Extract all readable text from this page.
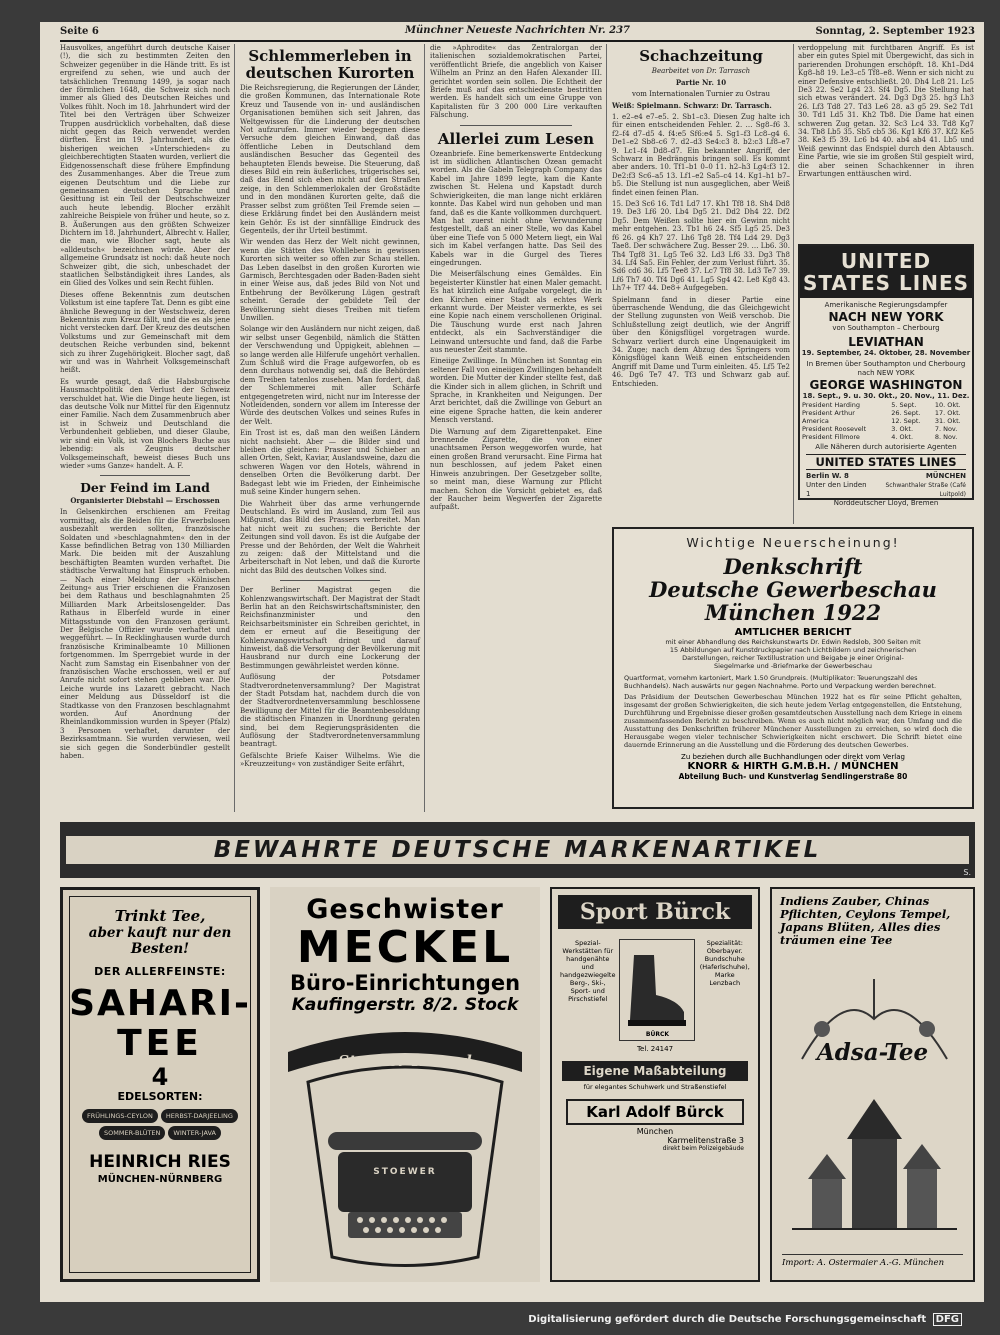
Seite 6	Münchner Neueste Nachrichten Nr. 237	Sonntag, 2. September 1923

Hausvolkes, angeführt durch deutsche Kaiser (!), die sich zu bestimmten Zeiten den Schweizer gegenüber in die Hände tritt. Es ist ergreifend zu sehen, wie und auch der tatsächlichen Trennung 1499, ja sogar nach der förmlichen 1648, die Schweiz sich noch immer als Glied des Deutschen Reiches und Volkes fühlt. Noch im 18. Jahrhundert wird der Titel bei den Verträgen über Schweizer Truppen ausdrücklich vorbehalten, daß diese nicht gegen das Reich verwendet werden dürften. Erst im 19. Jahrhundert, als die bisherigen weichen »Unterschieden« zu gleichberechtigten Staaten wurden, verliert die Eidgenossenschaft diese frühere Empfindung des Zusammenhanges. Aber die Treue zum eigenen Deutschtum und die Liebe zur gemeinsamen deutschen Sprache und Gesittung ist ein Teil der Deutschschweizer auch heute lebendig. Blocher erzählt zahlreiche Beispiele von früher und heute, so z. B. Äußerungen aus den größten Schweizer Dichtern im 18. Jahrhundert, Albrecht v. Haller, die man, wie Blocher sagt, heute als »alldeutsch« bezeichnen würde. Aber der allgemeine Grundsatz ist noch: daß heute noch Schweizer gibt, die sich, unbeschadet der staatlichen Selbständigkeit ihres Landes, als ein Glied des Volkes und sein Recht fühlen.

Dieses offene Bekenntnis zum deutschen Volkstum ist eine tapfere Tat. Denn es gibt eine ähnliche Bewegung in der Westschweiz, deren Bekenntnis zum Kreuz fällt, und die es als jene nicht verstecken darf. Der Kreuz des deutschen Volkstums und zur Gemeinschaft mit dem deutschen Reiche verbunden sind, bekennt sich zu ihrer Zugehörigkeit. Blocher sagt, daß wir und was in Wahrheit Volksgemeinschaft heißt.

Es wurde gesagt, daß die Habsburgische Hausmachtpolitik den Verlust der Schweiz verschuldet hat. Wie die Dinge heute liegen, ist das deutsche Volk nur Mittel für den Eigennutz einer Familie. Nach dem Zusammenbruch aber ist in Schweiz und Deutschland die Verbundenheit geblieben, und dieser Glaube, wir sind ein Volk, ist von Blochers Buche aus lebendig: als Zeugnis deutscher Volksgemeinschaft, beweist dieses Buch uns wieder »ums Ganze« handelt. A. F.

Der Feind im Land
Organisierter Diebstahl — Erschossen

In Gelsenkirchen erschienen am Freitag vormittag, als die Beiden für die Erwerbslosen ausbezahlt werden sollten, französische Soldaten und »beschlagnahmten« den in der Kasse befindlichen Betrag von 130 Milliarden Mark. Die beiden mit der Auszahlung beschäftigten Beamten wurden verhaftet. Die städtische Verwaltung hat Einspruch erhoben. — Nach einer Meldung der »Kölnischen Zeitung« aus Trier erschienen die Franzosen bei dem Rathaus und beschlagnahmten 25 Milliarden Mark Arbeitslosengelder. Das Rathaus in Elberfeld wurde in einer Mittagsstunde von den Franzosen geräumt. Der Belgische Offizier wurde verhaftet und weggeführt. — In Recklinghausen wurde durch französische Kriminalbeamte 10 Millionen fortgenommen. Im Sperrgebiet wurde in der Nacht zum Samstag ein Eisenbahner von der französischen Wache erschossen, weil er auf Anrufe nicht sofort stehen geblieben war. Die Leiche wurde ins Lazarett gebracht. Nach einer Meldung aus Düsseldorf ist die Stadtkasse von den Franzosen beschlagnahmt worden. Auf Anordnung der Rheinlandkommission wurden in Speyer (Pfalz) 3 Personen verhaftet, darunter der Bezirksamtmann. Sie wurden verwiesen, weil sie sich gegen die Sonderbündler gestellt haben.

Schlemmerleben in deutschen Kurorten

Die Reichsregierung, die Regierungen der Länder, die großen Kommunen, das Internationale Rote Kreuz und Tausende von in- und ausländischen Organisationen bemühen sich seit Jahren, das Weltgewissen für die Linderung der deutschen Not aufzurufen. Immer wieder begegnen diese Versuche dem gleichen Einwand, daß das öffentliche Leben in Deutschland dem ausländischen Besucher das Gegenteil des behaupteten Elends beweise. Die Steuerung, daß dieses Bild ein rein äußerliches, trügerisches sei, daß das Elend sich eben nicht auf den Straßen zeige, in den Schlemmerlokalen der Großstädte und in den mondänen Kurorten gelte, daß die Prasser selbst zum größten Teil Fremde seien — diese Erklärung findet bei den Ausländern meist kein Gehör. Es ist der sinnfällige Eindruck des Gegenteils, der ihr Urteil bestimmt.

Wir wenden das Herz der Welt nicht gewinnen, wenn die Stätten des Wohllebens in gewissen Kurorten sich weiter so offen zur Schau stellen. Das Leben daselbst in den großen Kurorten wie Garmisch, Berchtesgaden oder Baden-Baden sieht in einer Weise aus, daß jedes Bild von Not und Entbehrung der Bevölkerung Lügen gestraft scheint. Gerade der gebildete Teil der Bevölkerung sieht dieses Treiben mit tiefem Unwillen.

Solange wir den Ausländern nur nicht zeigen, daß wir selbst unser Gegenbild, nämlich die Stätten der Verschwendung und Üppigkeit, ablehnen — so lange werden alle Hilferufe ungehört verhallen. Zum Schluß wird die Frage aufgeworfen, ob es denn durchaus notwendig sei, daß die Behörden dem Treiben tatenlos zusehen. Man fordert, daß der Schlemmerei mit aller Schärfe entgegengetreten wird, nicht nur im Interesse der Notleidenden, sondern vor allem im Interesse der Würde des deutschen Volkes und seines Rufes in der Welt.

Ein Trost ist es, daß man den weißen Ländern nicht nachsieht. Aber — die Bilder sind und bleiben die gleichen: Prasser und Schieber an allen Orten, Sekt, Kaviar, Auslandsweine, dazu die schweren Wagen vor den Hotels, während in denselben Orten die Bevölkerung darbt. Der Badegast lebt wie im Frieden, der Einheimische muß seine Kinder hungern sehen.

Die Wahrheit über das arme verhungernde Deutschland. Es wird im Ausland, zum Teil aus Mißgunst, das Bild des Prassers verbreitet. Man hat nicht weit zu suchen; die Berichte der Zeitungen sind voll davon. Es ist die Aufgabe der Presse und der Behörden, der Welt die Wahrheit zu zeigen: daß der Mittelstand und die Arbeiterschaft in Not leben, und daß die Kurorte nicht das Bild des deutschen Volkes sind.

Der Berliner Magistrat gegen die Kohlenzwangswirtschaft. Der Magistrat der Stadt Berlin hat an den Reichswirtschaftsminister, den Reichsfinanzminister und den Reichsarbeitsminister ein Schreiben gerichtet, in dem er erneut auf die Beseitigung der Kohlenzwangswirtschaft dringt und darauf hinweist, daß die Versorgung der Bevölkerung mit Hausbrand nur durch eine Lockerung der Bestimmungen gewährleistet werden könne.

Auflösung der Potsdamer Stadtverordnetenversammlung? Der Magistrat der Stadt Potsdam hat, nachdem durch die von der Stadtverordnetenversammlung beschlossene Bewilligung der Mittel für die Beamtenbesoldung die städtischen Finanzen in Unordnung geraten sind, bei dem Regierungspräsidenten die Auflösung der Stadtverordnetenversammlung beantragt.

Gefälschte Briefe Kaiser Wilhelms. Wie die »Kreuzzeitung« von zuständiger Seite erfährt,

die »Aphrodite« das Zentralorgan der italienischen sozialdemokratischen Partei, veröffentlicht Briefe, die angeblich von Kaiser Wilhelm an Prinz an den Hafen Alexander III. gerichtet worden sein sollen. Die Echtheit der Briefe muß auf das entschiedenste bestritten werden. Es handelt sich um eine Gruppe von Kapitalisten für 3 200 000 Lire verkauften Fälschung.

Allerlei zum Lesen

Ozeanbriefe. Eine bemerkenswerte Entdeckung ist im südlichen Atlantischen Ozean gemacht worden. Als die Gabeln Telegraph Company das Kabel im Jahre 1899 legte, kam die Kante zwischen St. Helena und Kapstadt durch Schwierigkeiten, die man lange nicht erklären konnte. Das Kabel wird nun gehoben und man fand, daß es die Kante vollkommen durchquert. Man hat zuerst nicht ohne Verwunderung festgestellt, daß an einer Stelle, wo das Kabel über eine Tiefe von 5 000 Metern liegt, ein Wal sich im Kabel verfangen hatte. Das Seil des Kabels war in die Gurgel des Tieres eingedrungen.

Die Meiserfälschung eines Gemäldes. Ein begeisterter Künstler hat einen Maler gemacht. Es hat kürzlich eine Aufgabe vorgelegt, die in den Kirchen einer Stadt als echtes Werk erkannt wurde. Der Meister vermerkte, es sei eine Kopie nach einem verschollenen Original. Die Täuschung wurde erst nach Jahren entdeckt, als ein Sachverständiger die Leinwand untersuchte und fand, daß die Farbe aus neuester Zeit stammte.

Eineiige Zwillinge. In München ist Sonntag ein seltener Fall von eineiigen Zwillingen behandelt worden. Die Mutter der Kinder stellte fest, daß die Kinder sich in allem glichen, in Schrift und Sprache, in Krankheiten und Neigungen. Der Arzt berichtet, daß die Zwillinge von Geburt an eine eigene Sprache hatten, die kein anderer Mensch verstand.

Die Warnung auf dem Zigarettenpaket. Eine brennende Zigarette, die von einer unachtsamen Person weggeworfen wurde, hat einen großen Brand verursacht. Eine Firma hat nun beschlossen, auf jedem Paket einen Hinweis anzubringen. Der Gesetzgeber sollte, so meint man, diese Warnung zur Pflicht machen. Schon die Vorsicht gebietet es, daß der Raucher beim Wegwerfen der Zigarette aufpaßt.

Schachzeitung
Bearbeitet von Dr. Tarrasch
Partie Nr. 10
vom Internationalen Turnier zu Ostrau
Weiß: Spielmann. Schwarz: Dr. Tarrasch.

1. e2–e4 e7–e5. 2. Sb1–c3. Diesen Zug halte ich für einen entscheidenden Fehler. 2. … Sg8–f6 3. f2–f4 d7–d5 4. f4:e5 Sf6:e4 5. Sg1–f3 Lc8–g4 6. De1–e2 Sb8–c6 7. d2–d3 Se4:c3 8. b2:c3 Lf8–e7 9. Lc1–f4 Dd8–d7. Ein bekannter Angriff, der Schwarz in Bedrängnis bringen soll. Es kommt aber anders. 10. Tf1–b1 0–0 11. h2–h3 Lg4:f3 12. De2:f3 Sc6–a5 13. Lf1–e2 Sa5–c4 14. Kg1–h1 b7–b5. Die Stellung ist nun ausgeglichen, aber Weiß findet einen feinen Plan.

15. De3 Sc6 16. Td1 Ld7 17. Kh1 Tf8 18. Sh4 Dd8 19. De3 Lf6 20. Lb4 Dg5 21. Dd2 Dh4 22. Df2 Dg5. Dem Weißen sollte hier ein Gewinn nicht mehr entgehen. 23. Tb1 h6 24. Sf5 Lg5 25. De3 f6 26. g4 Kh7 27. Lh6 Tg8 28. Tf4 Ld4 29. Dg3 Tae8. Der schwächere Zug. Besser 29. … Lb6. 30. Th4 Tgf8 31. Lg5 Te6 32. Ld3 Lf6 33. Dg3 Th8 34. Lf4 Sa5. Ein Fehler, der zum Verlust führt. 35. Sd6 cd6 36. Lf5 Tee8 37. Lc7 Tf8 38. Ld3 Te7 39. Lf6 Th7 40. Tf4 Dg6 41. Lg5 Sg4 42. Le8 Kg8 43. Lh7+ Tf7 44. De8+ Aufgegeben.

Spielmann fand in dieser Partie eine überraschende Wendung, die das Gleichgewicht der Stellung zugunsten von Weiß verschob. Die Schlußstellung zeigt deutlich, wie der Angriff über den Königsflügel vorgetragen wurde. Schwarz verliert durch eine Ungenauigkeit im 34. Zuge; nach dem Abzug des Springers vom Königsflügel kann Weiß einen entscheidenden Angriff mit Dame und Turm einleiten. 45. Lf5 Te2 46. Dg6 Te7 47. Tf3 und Schwarz gab auf. Entschieden.

verdoppelung mit furchtbaren Angriff. Es ist aber ein gutes Spiel mit Übergewicht, das sich in parierenden Drohungen erschöpft. 18. Kh1–Dd4 Kg8–h8 19. Le3–c5 Tf8–e8. Wenn er sich nicht zu einer Defensive entschließt. 20. Dh4 Lc8 21. Lc5 De3 22. Se2 Lg4 23. Sf4 Dg5. Die Stellung hat sich etwas verändert. 24. Dg3 Dg3 25. hg3 Lh3 26. Lf3 Td8 27. Td3 Le6 28. a3 g5 29. Se2 Td1 30. Td1 Ld5 31. Kh2 Tb8. Die Dame hat einen schweren Zug getan. 32. Sc3 Lc4 33. Td8 Kg7 34. Tb8 Lb5 35. Sb5 cb5 36. Kg1 Kf6 37. Kf2 Ke5 38. Ke3 f5 39. Lc6 b4 40. ab4 ab4 41. Lb5 und Weiß gewinnt das Endspiel durch den Abtausch. Eine Partie, wie sie im großen Stil gespielt wird, die aber seinen Schachkenner in ihren Erwartungen enttäuschen wird.

UNITED STATES LINES
Amerikanische Regierungsdampfer
NACH NEW YORK
von Southampton – Cherbourg
LEVIATHAN
19. September, 24. Oktober, 28. November
In Bremen über Southampton und Cherbourg nach NEW YORK
GEORGE WASHINGTON
18. Sept., 9. u. 30. Okt., 20. Nov., 11. Dez.
President Harding	5. Sept.	10. Okt.
President Arthur	26. Sept.	17. Okt.
America	12. Sept.	31. Okt.
President Roosevelt	3. Okt.	7. Nov.
President Fillmore	4. Okt.	8. Nov.
Alle Näheren durch autorisierte Agenten
UNITED STATES LINES
Berlin W. 8
Unter den Linden 1
MÜNCHEN
Schwanthaler Straße (Café Luitpold)
Norddeutscher Lloyd, Bremen
Wichtige Neuerscheinung!
Denkschrift
Deutsche Gewerbeschau
München 1922
AMTLICHER BERICHT
mit einer Abhandlung des Reichskunstwarts Dr. Edwin Redslob, 300 Seiten mit 15 Abbildungen auf Kunstdruckpapier nach Lichtbildern und zeichnerischen Darstellungen, reicher Textillustration und Beigabe je einer Original-Siegelmarke und -Briefmarke der Gewerbeschau
Quartformat, vornehm kartoniert, Mark 1.50 Grundpreis. (Multiplikator: Teuerungszahl des Buchhandels). Nach auswärts nur gegen Nachnahme. Porto und Verpackung werden berechnet.
Das Präsidium der Deutschen Gewerbeschau München 1922 hat es für seine Pflicht gehalten, insgesamt der großen Schwierigkeiten, die sich heute jedem Verlag entgegenstellen, die Entstehung, Durchführung und Ergebnisse dieser großen gesamtdeutschen Ausstellung nach dem Kriege in einem zusammenfassenden Bericht zu beschreiben. Wenn es auch nicht möglich war, den Umfang und die Ausstattung des Denkschriften früherer Münchener Ausstellungen zu erreichen, so wird doch die Herausgabe wegen vieler technischer Schwierigkeiten nicht erschwert. Die Schrift bietet eine dauernde Erinnerung an die Ausstellung und die Förderung des deutschen Gewerbes.
Zu beziehen durch alle Buchhandlungen oder direkt vom Verlag
KNORR & HIRTH G.M.B.H. / MÜNCHEN
Abteilung Buch- und Kunstverlag Sendlingerstraße 80
BEWAHRTE DEUTSCHE MARKENARTIKEL
S.
Trinkt Tee,
aber kauft nur den Besten!
DER ALLERFEINSTE:
SAHARI-
TEE
4
EDELSORTEN:
FRÜHLINGS-CEYLON	HERBST-DARJEELING
SOMMER-BLÜTEN	WINTER-JAVA
HEINRICH RIES
MÜNCHEN-NÜRNBERG
Geschwister
MECKEL
Büro-Einrichtungen
Kaufingerstr. 8/2. Stock
Stoewer-Record
STOEWER
Sport Bürck
Spezial-Werkstätten für handgenähte und handgezwiegelte Berg-, Ski-, Sport- und Pirschstiefel
BÜRCK
Spezialität: Oberbayer. Bundschuhe (Haferlschuhe), Marke Lenzbach
Tel. 24147
Eigene Maßabteilung
für elegantes Schuhwerk und Straßenstiefel
Karl Adolf Bürck
München
Karmelitenstraße 3
direkt beim Polizeigebäude
Indiens Zauber, Chinas Pflichten, Ceylons Tempel, Japans Blüten, Alles dies träumen eine Tee
Adsa-Tee
Import: A. Ostermaier A.-G. München
Digitalisierung gefördert durch die Deutsche Forschungsgemeinschaft DFG
